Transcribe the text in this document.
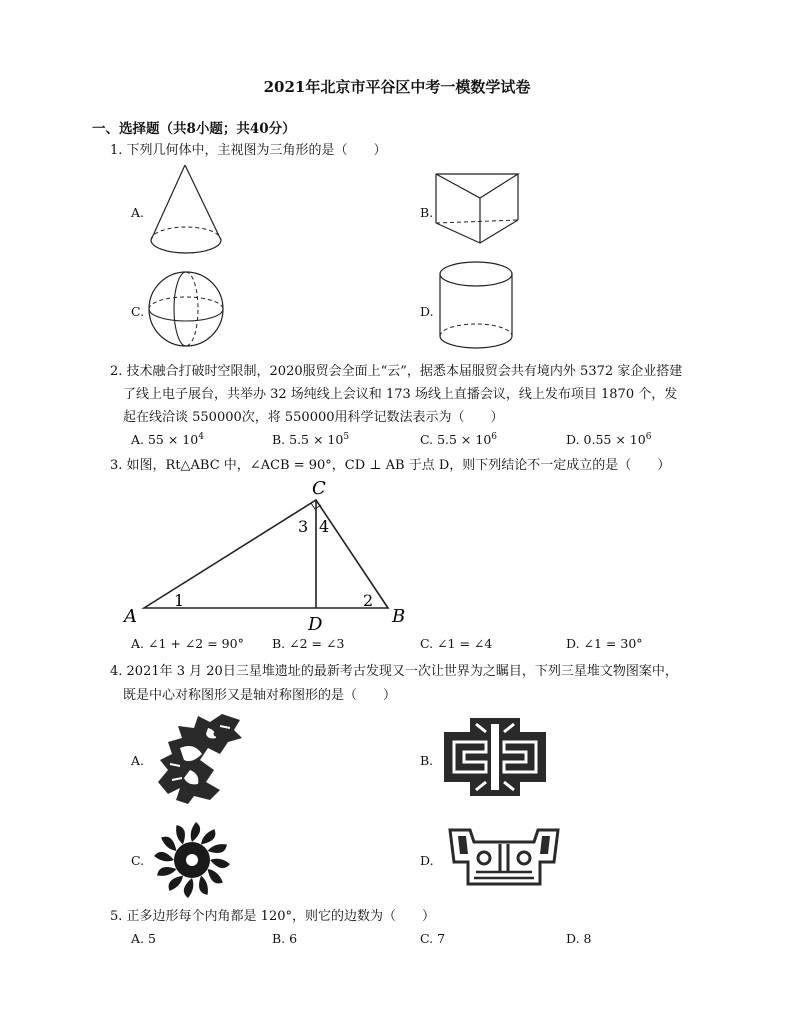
2021年北京市平谷区中考一模数学试卷
一、选择题（共8小题；共40分）
1. 下列几何体中，主视图为三角形的是（　　）
A.	B.
C.	D.
2. 技术融合打破时空限制，2020服贸会全面上“云”，据悉本届服贸会共有境内外 5372 家企业搭建
了线上电子展台，共举办 32 场纯线上会议和 173 场线上直播会议，线上发布项目 1870 个，发
起在线洽谈 550000次，将 550000用科学记数法表示为（　　）
A. $55 \times 10^4$	B. $5.5 \times 10^5$	C. $5.5 \times 10^6$	D. $0.55 \times 10^6$
3. 如图，Rt△ABC 中，∠ACB = 90°，CD ⊥ AB 于点 D，则下列结论不一定成立的是（　　）
C
A	B
D
1	2
3 4
A. ∠1 + ∠2 = 90° B. ∠2 = ∠3	C. ∠1 = ∠4	D. ∠1 = 30°
4. 2021年 3 月 20日三星堆遗址的最新考古发现又一次让世界为之瞩目，下列三星堆文物图案中，
既是中心对称图形又是轴对称图形的是（　　）
A.	B.
C.	D.
5. 正多边形每个内角都是 120°，则它的边数为（　　）
A. 5	B. 6	C. 7	D. 8
